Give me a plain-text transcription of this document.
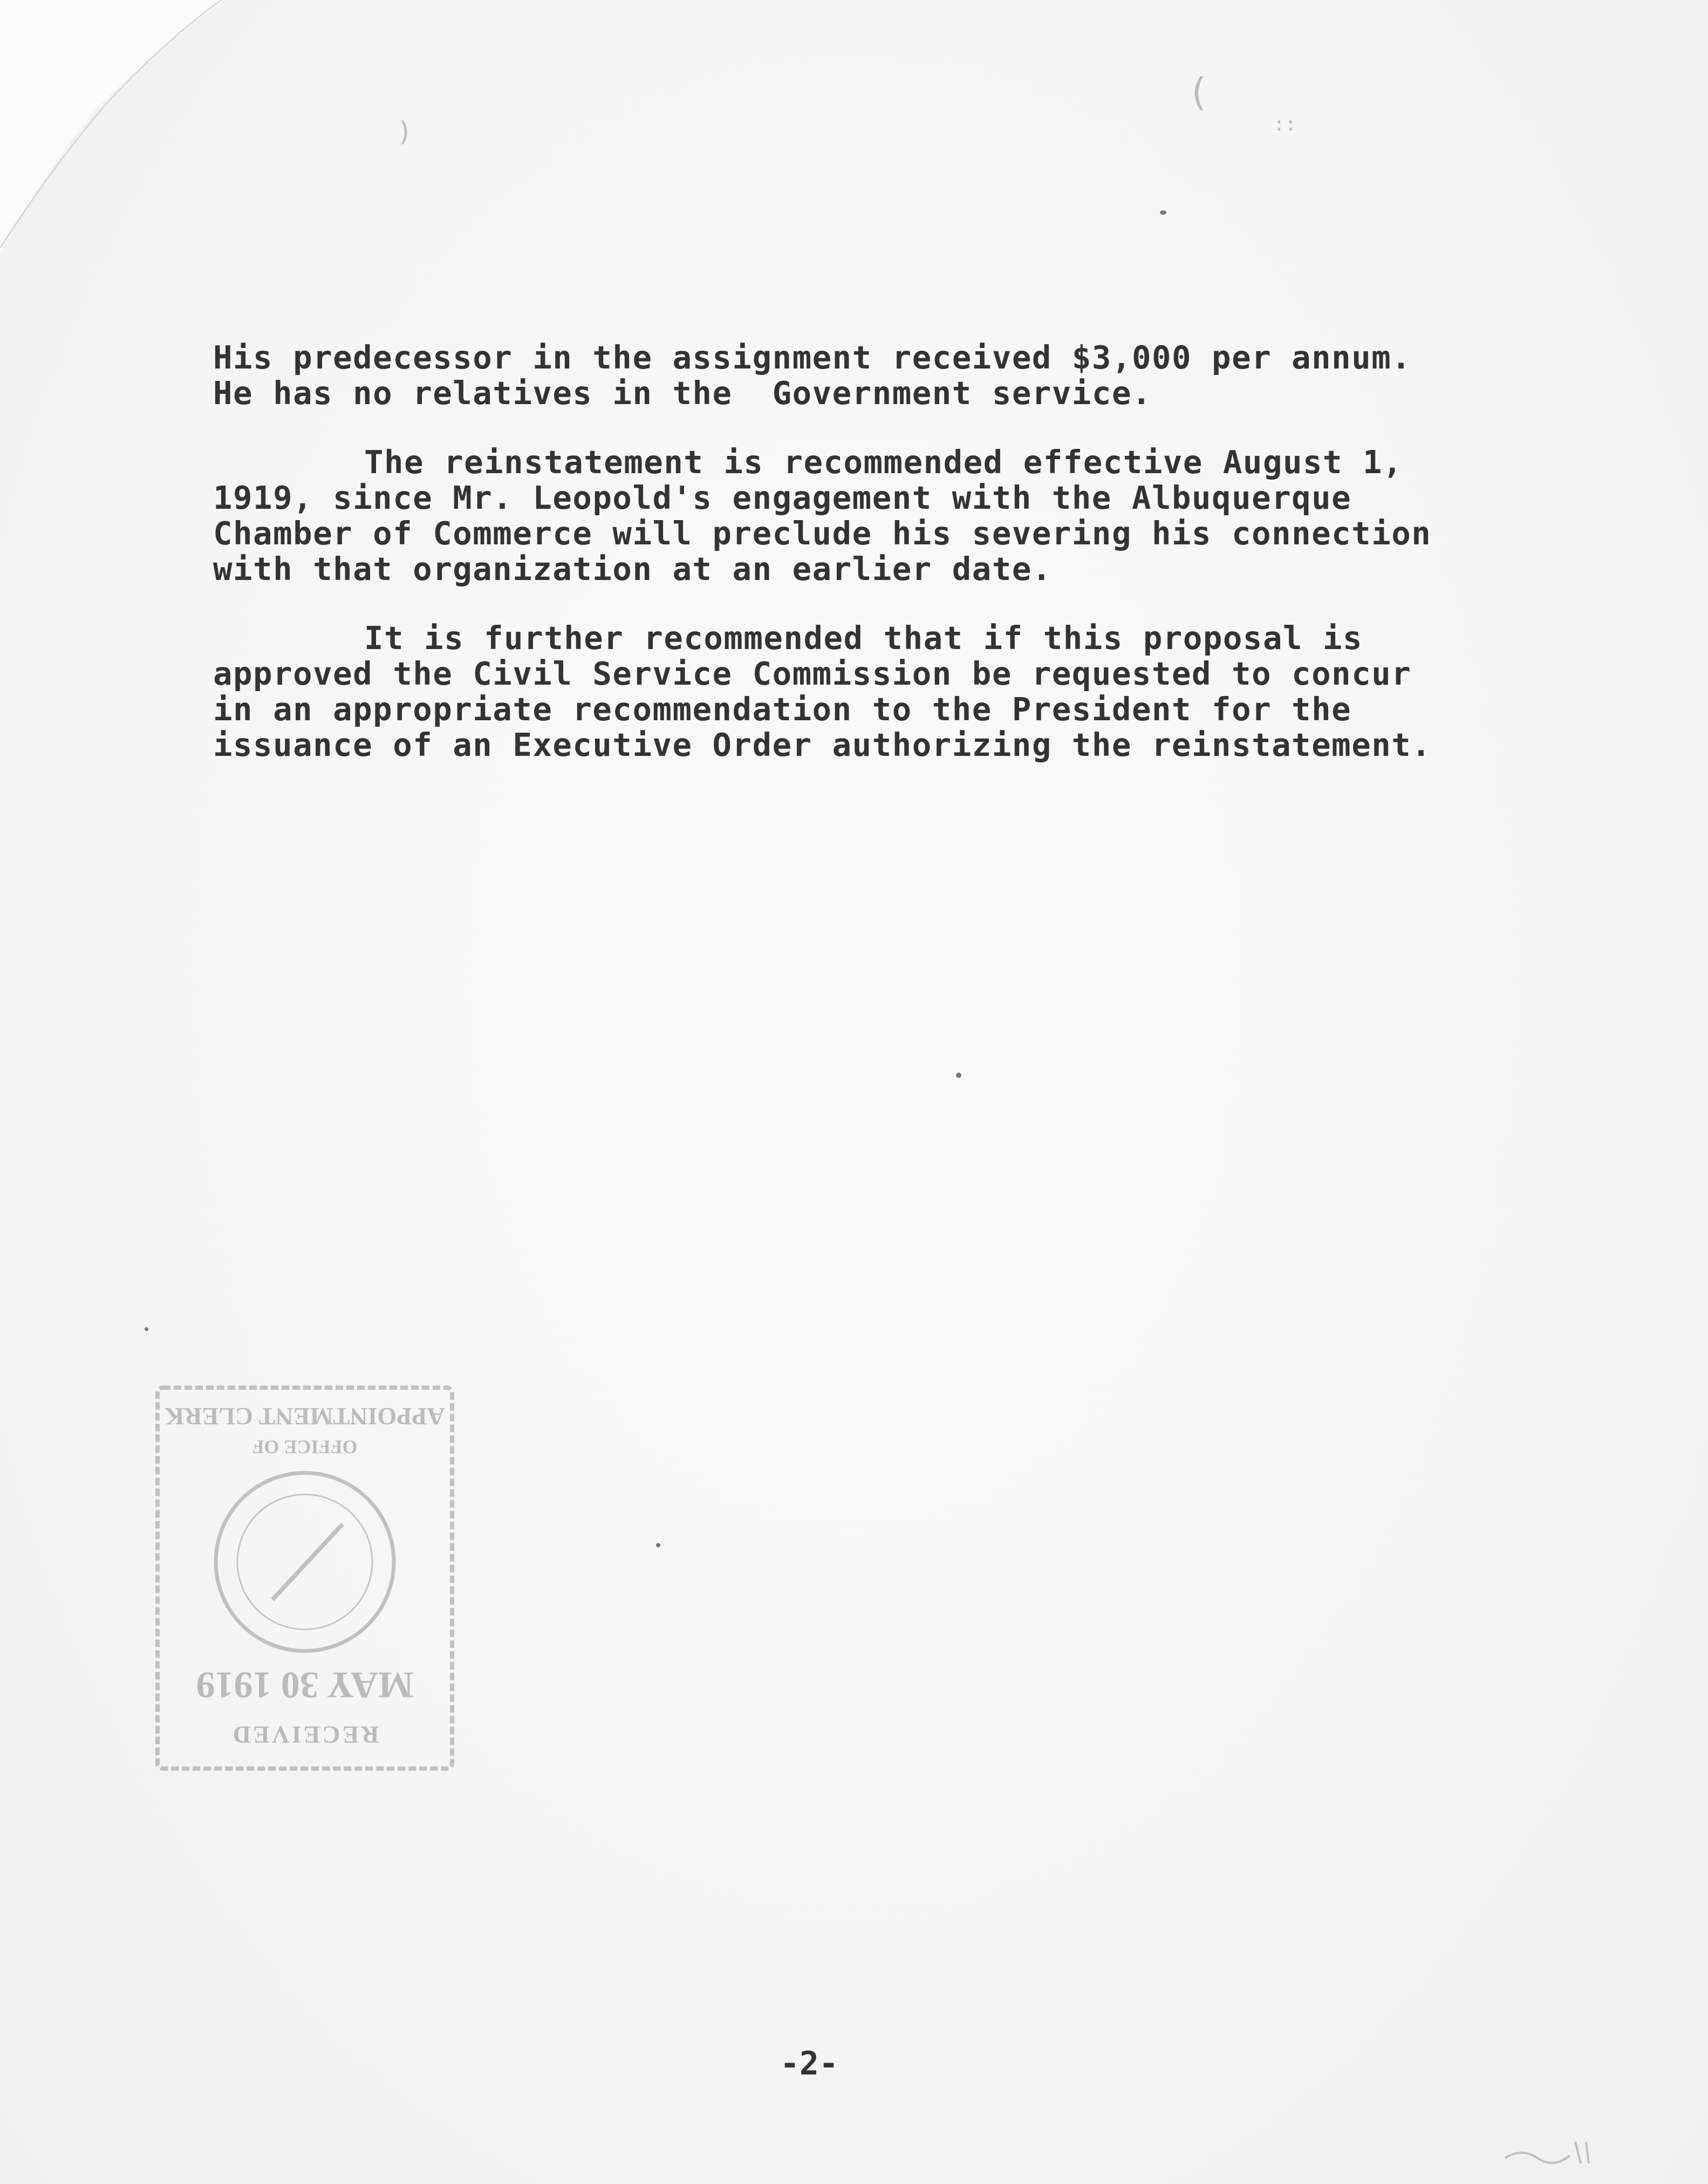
)
(
::
His predecessor in the assignment received $3,000 per annum.
He has no relatives in the  Government service.
The reinstatement is recommended effective August 1,
1919, since Mr. Leopold's engagement with the Albuquerque
Chamber of Commerce will preclude his severing his connection
with that organization at an earlier date.
It is further recommended that if this proposal is
approved the Civil Service Commission be requested to concur
in an appropriate recommendation to the President for the
issuance of an Executive Order authorizing the reinstatement.
RECEIVED
MAY 30 1919
OFFICE OF
APPOINTMENT CLERK
-2-
